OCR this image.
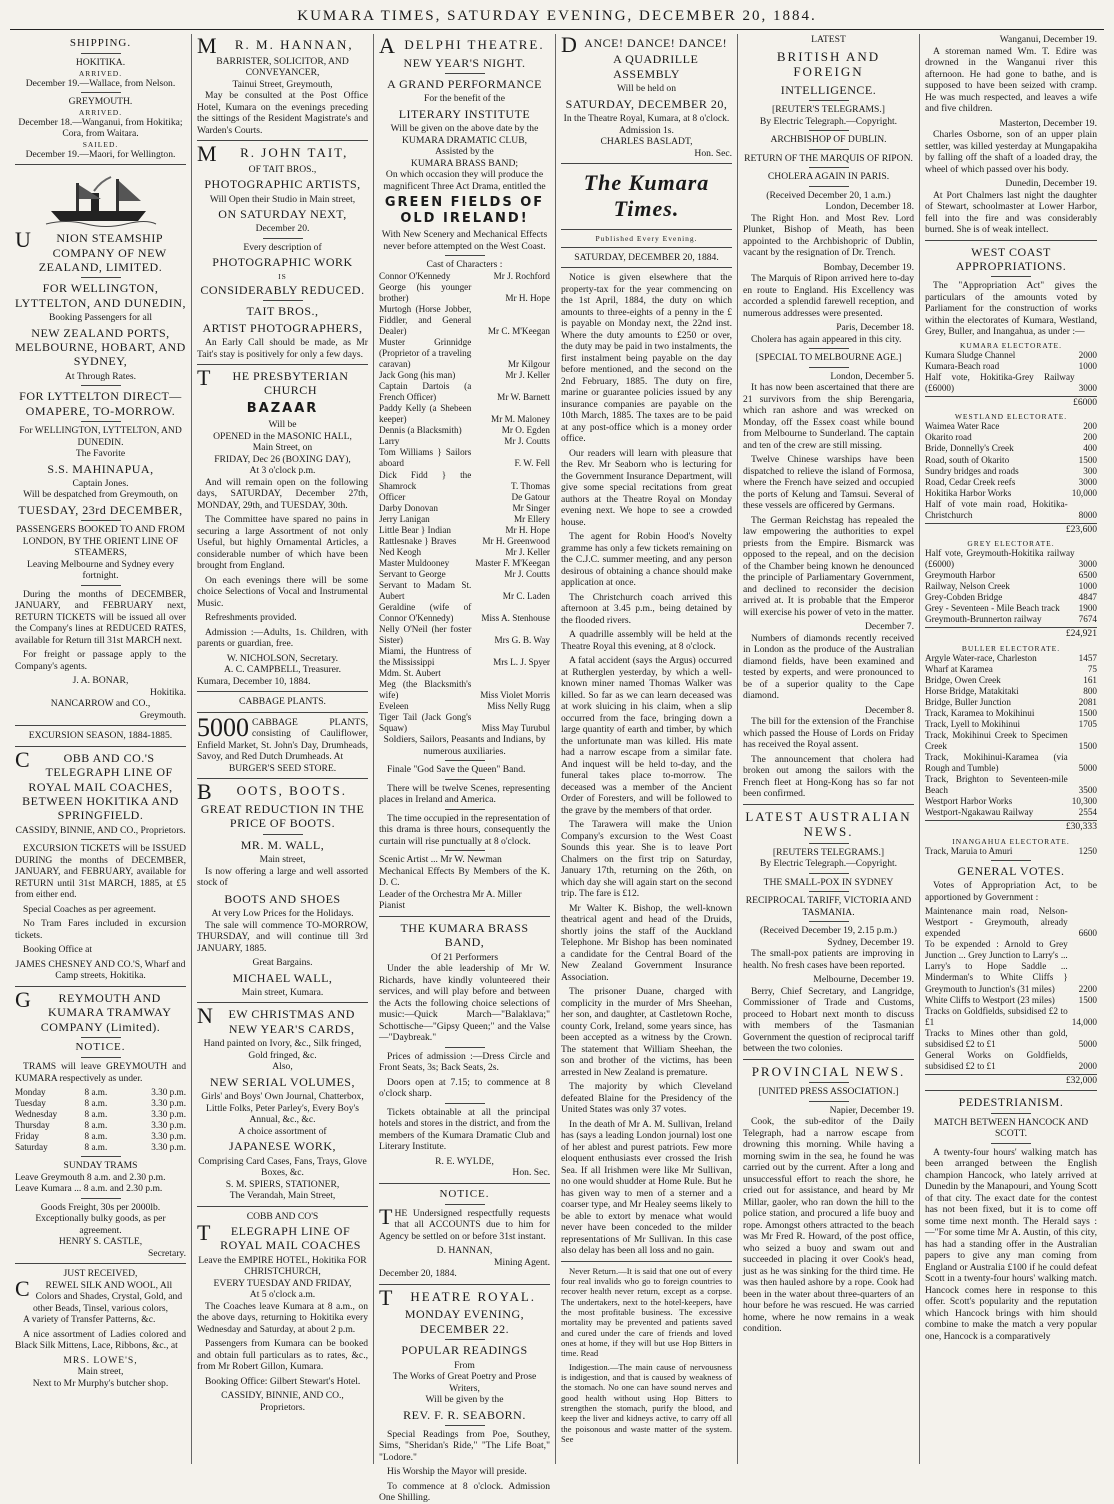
KUMARA TIMES, SATURDAY EVENING, DECEMBER 20, 1884.
SHIPPING.
HOKITIKA.
ARRIVED.
December 19.—Wallace, from Nelson.
GREYMOUTH.
ARRIVED.
December 18.—Wanganui, from Hokitika; Cora, from Waitara.
SAILED.
December 19.—Maori, for Wellington.
UNION STEAMSHIP COMPANY OF NEW ZEALAND, LIMITED.
FOR WELLINGTON, LYTTELTON, AND DUNEDIN,
Booking Passengers for all
NEW ZEALAND PORTS, MELBOURNE, HOBART, AND SYDNEY,
At Through Rates.
FOR LYTTELTON DIRECT— OMAPERE, TO-MORROW.
For WELLINGTON, LYTTELTON, AND DUNEDIN.
The Favorite
S.S. MAHINAPUA,
Captain Jones.
Will be despatched from Greymouth, on
TUESDAY, 23rd DECEMBER,
PASSENGERS BOOKED TO AND FROM
LONDON, BY THE ORIENT LINE OF STEAMERS,
Leaving Melbourne and Sydney every fortnight.

During the months of DECEMBER, JANUARY, and FEBRUARY next, RETURN TICKETS will be issued all over the Company's lines at REDUCED RATES, available for Return till 31st MARCH next.

For freight or passage apply to the Company's agents.

J. A. BONAR,
Hokitika.
NANCARROW and CO.,
Greymouth.
EXCURSION SEASON, 1884-1885.
COBB AND CO.'S TELEGRAPH LINE OF ROYAL MAIL COACHES, BETWEEN HOKITIKA AND SPRINGFIELD.
CASSIDY, BINNIE, AND CO., Proprietors.

EXCURSION TICKETS will be ISSUED DURING the months of DECEMBER, JANUARY, and FEBRUARY, available for RETURN until 31st MARCH, 1885, at £5 from either end.

Special Coaches as per agreement.

No Tram Fares included in excursion tickets.

Booking Office at

JAMES CHESNEY AND CO.'S, Wharf and Camp streets, Hokitika.
GREYMOUTH AND KUMARA TRAMWAY COMPANY (Limited).
NOTICE.

TRAMS will leave GREYMOUTH and KUMARA respectively as under.

Monday	8 a.m.	3.30 p.m.
Tuesday	8 a.m.	3.30 p.m.
Wednesday	8 a.m.	3.30 p.m.
Thursday	8 a.m.	3.30 p.m.
Friday	8 a.m.	3.30 p.m.
Saturday	8 a.m.	3.30 p.m.
SUNDAY TRAMS
Leave Greymouth 8 a.m. and 2.30 p.m.
Leave Kumara ... 8 a.m. and 2.30 p.m.
Goods Freight, 30s per 2000lb.
Exceptionally bulky goods, as per agreement.
HENRY S. CASTLE,
Secretary.
JUST RECEIVED,
CREWEL SILK AND WOOL, All Colors and Shades, Crystal, Gold, and other Beads, Tinsel, various colors,

A variety of Transfer Patterns, &c.

A nice assortment of Ladies colored and Black Silk Mittens, Lace, Ribbons, &c., at

MRS. LOWE'S,
Main street,
Next to Mr Murphy's butcher shop.
MR. M. HANNAN,
BARRISTER, SOLICITOR, AND CONVEYANCER,
Tainui Street, Greymouth,

May be consulted at the Post Office Hotel, Kumara on the evenings preceding the sittings of the Resident Magistrate's and Warden's Courts.

MR. JOHN TAIT,
OF TAIT BROS.,
PHOTOGRAPHIC ARTISTS,
Will Open their Studio in Main street,
ON SATURDAY NEXT,
December 20.
Every description of
PHOTOGRAPHIC WORK
IS
CONSIDERABLY REDUCED.
TAIT BROS.,
ARTIST PHOTOGRAPHERS,

An Early Call should be made, as Mr Tait's stay is positively for only a few days.

THE PRESBYTERIAN CHURCH
BAZAAR
Will be
OPENED in the MASONIC HALL,
Main Street, on
FRIDAY, Dec 26 (BOXING DAY),
At 3 o'clock p.m.

And will remain open on the following days, SATURDAY, December 27th, MONDAY, 29th, and TUESDAY, 30th.

The Committee have spared no pains in securing a large Assortment of not only Useful, but highly Ornamental Articles, a considerable number of which have been brought from England.

On each evenings there will be some choice Selections of Vocal and Instrumental Music.

Refreshments provided.

Admission :—Adults, 1s. Children, with parents or guardian, free.

W. NICHOLSON, Secretary.
A. C. CAMPBELL, Treasurer.
Kumara, December 10, 1884.
CABBAGE PLANTS.
5000 CABBAGE PLANTS, consisting of Cauliflower, Enfield Market, St. John's Day, Drumheads, Savoy, and Red Dutch Drumheads. At
BURGER'S SEED STORE.
BOOTS, BOOTS.
GREAT REDUCTION IN THE PRICE OF BOOTS.
MR. M. WALL,
Main street,

Is now offering a large and well assorted stock of

BOOTS AND SHOES
At very Low Prices for the Holidays.

The sale will commence TO-MORROW, THURSDAY, and will continue till 3rd JANUARY, 1885.

Great Bargains.
MICHAEL WALL,
Main street, Kumara.
NEW CHRISTMAS AND NEW YEAR'S CARDS,
Hand painted on Ivory, &c., Silk fringed, Gold fringed, &c.
Also,
NEW SERIAL VOLUMES,
Girls' and Boys' Own Journal, Chatterbox, Little Folks, Peter Parley's, Every Boy's Annual, &c., &c.
A choice assortment of
JAPANESE WORK,
Comprising Card Cases, Fans, Trays, Glove Boxes, &c.
S. M. SPIERS, STATIONER,
The Verandah, Main Street,
COBB AND CO'S
TELEGRAPH LINE OF ROYAL MAIL COACHES
Leave the EMPIRE HOTEL, Hokitika FOR CHRISTCHURCH,
EVERY TUESDAY AND FRIDAY,
At 5 o'clock a.m.

The Coaches leave Kumara at 8 a.m., on the above days, returning to Hokitika every Wednesday and Saturday, at about 2 p.m.

Passengers from Kumara can be booked and obtain full particulars as to rates, &c., from Mr Robert Gillon, Kumara.

Booking Office: Gilbert Stewart's Hotel.

CASSIDY, BINNIE, AND CO.,
Proprietors.
ADELPHI THEATRE.
NEW YEAR'S NIGHT.
A GRAND PERFORMANCE
For the benefit of the
LITERARY INSTITUTE
Will be given on the above date by the
KUMARA DRAMATIC CLUB,
Assisted by the
KUMARA BRASS BAND;
On which occasion they will produce the magnificent Three Act Drama, entitled the
GREEN FIELDS OF OLD IRELAND!
With New Scenery and Mechanical Effects never before attempted on the West Coast.
Cast of Characters :
Connor O'Kennedy	Mr J. Rochford
George (his younger brother)	Mr H. Hope
Murtogh (Horse Jobber, Fiddler, and General Dealer)	Mr C. M'Keegan
Muster Grinnidge (Proprietor of a traveling caravan)	Mr Kilgour
Jack Gong (his man)	Mr J. Keller
Captain Dartois (a French Officer)	Mr W. Barnett
Paddy Kelly (a Shebeen keeper)	Mr M. Maloney
Dennis (a Blacksmith)	Mr O. Egden
Larry	Mr J. Coutts
Tom Williams } Sailors aboard	F. W. Fell
Dick Fidd } the Shamrock	T. Thomas
Officer	De Gatour
Darby Donovan	Mr Singer
Jerry Lanigan	Mr Ellery
Little Bear } Indian	Mr H. Hope
Rattlesnake } Braves	Mr H. Greenwood
Ned Keogh	Mr J. Keller
Master Muldooney	Master F. M'Keegan
Servant to George	Mr J. Coutts
Servant to Madam St. Aubert	Mr C. Laden
Geraldine (wife of Connor O'Kennedy)	Miss A. Stenhouse
Nelly O'Neil (her foster Sister)	Mrs G. B. Way
Miami, the Huntress of the Mississippi	Mrs L. J. Spyer
Mdm. St. Aubert	
Meg (the Blacksmith's wife)	Miss Violet Morris
Eveleen	Miss Nelly Rugg
Tiger Tail (Jack Gong's Squaw)	Miss May Turubul
Soldiers, Sailors, Peasants and Indians, by numerous auxiliaries.

Finale "God Save the Queen" Band.

There will be twelve Scenes, representing places in Ireland and America.

The time occupied in the representation of this drama is three hours, consequently the curtain will rise punctually at 8 o'clock.

Scenic Artist ... Mr W. Newman
Mechanical Effects By Members of the K. D. C.
Leader of the Orchestra Mr A. Miller
Pianist
THE KUMARA BRASS BAND,
Of 21 Performers

Under the able leadership of Mr W. Richards, have kindly volunteered their services, and will play before and between the Acts the following choice selections of music:—Quick March—"Balaklava;" Schottische—"Gipsy Queen;" and the Valse—"Daybreak."

Prices of admission :—Dress Circle and Front Seats, 3s; Back Seats, 2s.

Doors open at 7.15; to commence at 8 o'clock sharp.

Tickets obtainable at all the principal hotels and stores in the district, and from the members of the Kumara Dramatic Club and Literary Institute.

R. E. WYLDE,
Hon. Sec.
NOTICE.

THE Undersigned respectfully requests that all ACCOUNTS due to him for Agency be settled on or before 31st instant.

D. HANNAN,
Mining Agent.
December 20, 1884.
THEATRE ROYAL.
MONDAY EVENING, DECEMBER 22.
POPULAR READINGS
From
The Works of Great Poetry and Prose Writers,
Will be given by the
REV. F. R. SEABORN.

Special Readings from Poe, Southey, Sims, "Sheridan's Ride," "The Life Boat," "Lodore."

His Worship the Mayor will preside.

To commence at 8 o'clock. Admission One Shilling.

DANCE! DANCE! DANCE!
A QUADRILLE ASSEMBLY
Will be held on
SATURDAY, DECEMBER 20,
In the Theatre Royal, Kumara, at 8 o'clock. Admission 1s.
CHARLES BASLADT,
Hon. Sec.
The Kumara Times.
Published Every Evening.
SATURDAY, DECEMBER 20, 1884.

Notice is given elsewhere that the property-tax for the year commencing on the 1st April, 1884, the duty on which amounts to three-eights of a penny in the £ is payable on Monday next, the 22nd inst. Where the duty amounts to £250 or over, the duty may be paid in two instalments, the first instalment being payable on the day before mentioned, and the second on the 2nd February, 1885. The duty on fire, marine or guarantee policies issued by any insurance companies are payable on the 10th March, 1885. The taxes are to be paid at any post-office which is a money order office.

Our readers will learn with pleasure that the Rev. Mr Seaborn who is lecturing for the Government Insurance Department, will give some special recitations from great authors at the Theatre Royal on Monday evening next. We hope to see a crowded house.

The agent for Robin Hood's Novelty gramme has only a few tickets remaining on the C.J.C. summer meeting, and any person desirous of obtaining a chance should make application at once.

The Christchurch coach arrived this afternoon at 3.45 p.m., being detained by the flooded rivers.

A quadrille assembly will be held at the Theatre Royal this evening, at 8 o'clock.

A fatal accident (says the Argus) occurred at Rutherglen yesterday, by which a well-known miner named Thomas Walker was killed. So far as we can learn deceased was at work sluicing in his claim, when a slip occurred from the face, bringing down a large quantity of earth and timber, by which the unfortunate man was killed. His mate had a narrow escape from a similar fate. And inquest will be held to-day, and the funeral takes place to-morrow. The deceased was a member of the Ancient Order of Foresters, and will be followed to the grave by the members of that order.

The Tarawera will make the Union Company's excursion to the West Coast Sounds this year. She is to leave Port Chalmers on the first trip on Saturday, January 17th, returning on the 26th, on which day she will again start on the second trip. The fare is £12.

Mr Walter K. Bishop, the well-known theatrical agent and head of the Druids, shortly joins the staff of the Auckland Telephone. Mr Bishop has been nominated a candidate for the Central Board of the New Zealand Government Insurance Association.

The prisoner Duane, charged with complicity in the murder of Mrs Sheehan, her son, and daughter, at Castletown Roche, county Cork, Ireland, some years since, has been accepted as a witness by the Crown. The statement that William Sheehan, the son and brother of the victims, has been arrested in New Zealand is premature.

The majority by which Cleveland defeated Blaine for the Presidency of the United States was only 37 votes.

In the death of Mr A. M. Sullivan, Ireland has (says a leading London journal) lost one of her ablest and purest patriots. Few more eloquent enthusiasts ever crossed the Irish Sea. If all Irishmen were like Mr Sullivan, no one would shudder at Home Rule. But he has given way to men of a sterner and a coarser type, and Mr Healey seems likely to be able to extort by menace what would never have been conceded to the milder representations of Mr Sullivan. In this case also delay has been all loss and no gain.

Never Return.—It is said that one out of every four real invalids who go to foreign countries to recover health never return, except as a corpse. The undertakers, next to the hotel-keepers, have the most profitable business. The excessive mortality may be prevented and patients saved and cured under the care of friends and loved ones at home, if they will but use Hop Bitters in time. Read

Indigestion.—The main cause of nervousness is indigestion, and that is caused by weakness of the stomach. No one can have sound nerves and good health without using Hop Bitters to strengthen the stomach, purify the blood, and keep the liver and kidneys active, to carry off all the poisonous and waste matter of the system. See

LATEST
BRITISH AND FOREIGN
INTELLIGENCE.
[REUTER'S TELEGRAMS.]
By Electric Telegraph.—Copyright.
ARCHBISHOP OF DUBLIN.
RETURN OF THE MARQUIS OF RIPON.
CHOLERA AGAIN IN PARIS.
(Received December 20, 1 a.m.)
London, December 18.

The Right Hon. and Most Rev. Lord Plunket, Bishop of Meath, has been appointed to the Archbishopric of Dublin, vacant by the resignation of Dr. Trench.

Bombay, December 19.

The Marquis of Ripon arrived here to-day en route to England. His Excellency was accorded a splendid farewell reception, and numerous addresses were presented.

Paris, December 18.

Cholera has again appeared in this city.

[SPECIAL TO MELBOURNE AGE.]
London, December 5.

It has now been ascertained that there are 21 survivors from the ship Berengaria, which ran ashore and was wrecked on Monday, off the Essex coast while bound from Melbourne to Sunderland. The captain and ten of the crew are still missing.

Twelve Chinese warships have been dispatched to relieve the island of Formosa, where the French have seized and occupied the ports of Kelung and Tamsui. Several of these vessels are officered by Germans.

The German Reichstag has repealed the law empowering the authorities to expel priests from the Empire. Bismarck was opposed to the repeal, and on the decision of the Chamber being known he denounced the principle of Parliamentary Government, and declined to reconsider the decision arrived at. It is probable that the Emperor will exercise his power of veto in the matter.

December 7.

Numbers of diamonds recently received in London as the produce of the Australian diamond fields, have been examined and tested by experts, and were pronounced to be of a superior quality to the Cape diamond.

December 8.

The bill for the extension of the Franchise which passed the House of Lords on Friday has received the Royal assent.

The announcement that cholera had broken out among the sailors with the French fleet at Hong-Kong has so far not been confirmed.

LATEST AUSTRALIAN NEWS.
[REUTERS TELEGRAMS.]
By Electric Telegraph.—Copyright.
THE SMALL-POX IN SYDNEY
RECIPROCAL TARIFF, VICTORIA AND TASMANIA.
(Received December 19, 2.15 p.m.)
Sydney, December 19.

The small-pox patients are improving in health. No fresh cases have been reported.

Melbourne, December 19.

Berry, Chief Secretary, and Langridge, Commissioner of Trade and Customs, proceed to Hobart next month to discuss with members of the Tasmanian Government the question of reciprocal tariff between the two colonies.

PROVINCIAL NEWS.
[UNITED PRESS ASSOCIATION.]
Napier, December 19.

Cook, the sub-editor of the Daily Telegraph, had a narrow escape from drowning this morning. While having a morning swim in the sea, he found he was carried out by the current. After a long and unsuccessful effort to reach the shore, he cried out for assistance, and heard by Mr Millar, gaoler, who ran down the hill to the police station, and procured a life buoy and rope. Amongst others attracted to the beach was Mr Fred R. Howard, of the post office, who seized a buoy and swam out and succeeded in placing it over Cook's head, just as he was sinking for the third time. He was then hauled ashore by a rope. Cook had been in the water about three-quarters of an hour before he was rescued. He was carried home, where he now remains in a weak condition.

Wanganui, December 19.

A storeman named Wm. T. Edire was drowned in the Wanganui river this afternoon. He had gone to bathe, and is supposed to have been seized with cramp. He was much respected, and leaves a wife and five children.

Masterton, December 19.

Charles Osborne, son of an upper plain settler, was killed yesterday at Mungapakiha by falling off the shaft of a loaded dray, the wheel of which passed over his body.

Dunedin, December 19.

At Port Chalmers last night the daughter of Stewart, schoolmaster at Lower Harbor, fell into the fire and was considerably burned. She is of weak intellect.

WEST COAST APPROPRIATIONS.

The "Appropriation Act" gives the particulars of the amounts voted by Parliament for the construction of works within the electorates of Kumara, Westland, Grey, Buller, and Inangahua, as under :—

KUMARA ELECTORATE.
Kumara Sludge Channel	2000
Kumara-Beach road	1000
Half vote, Hokitika-Grey Railway (£6000)	3000
£6000
WESTLAND ELECTORATE.
Waimea Water Race	200
Okarito road	200
Bride, Donnelly's Creek	400
Road, south of Okarito	1500
Sundry bridges and roads	300
Road, Cedar Creek reefs	3000
Hokitika Harbor Works	10,000
Half of vote main road, Hokitika-Christchurch	8000
£23,600
GREY ELECTORATE.
Half vote, Greymouth-Hokitika railway (£6000)	3000
Greymouth Harbor	6500
Railway, Nelson Creek	1000
Grey-Cobden Bridge	4847
Grey - Seventeen - Mile Beach track	1900
Greymouth-Brunnerton railway	7674
£24,921
BULLER ELECTORATE.
Argyle Water-race, Charleston	1457
Wharf at Karamea	75
Bridge, Owen Creek	161
Horse Bridge, Matakitaki	800
Bridge, Buller Junction	2081
Track, Karamea to Mokihinui	1500
Track, Lyell to Mokihinui	1705
Track, Mokihinui Creek to Specimen Creek	1500
Track, Mokihinui-Karamea (via Rough and Tumble)	5000
Track, Brighton to Seventeen-mile Beach	3500
Westport Harbor Works	10,300
Westport-Ngakawau Railway	2554
£30,333
INANGAHUA ELECTORATE.
Track, Maruia to Amuri	1250
GENERAL VOTES.

Votes of Appropriation Act, to be apportioned by Government :

Maintenance main road, Nelson-Westport - Greymouth, already expended	6600
To be expended : Arnold to Grey Junction ... Grey Junction to Larry's ... Larry's to Hope Saddle ... Minderman's to White Cliffs } Greymouth to Junction's (31 miles)	2200
White Cliffs to Westport (23 miles)	1500
Tracks on Goldfields, subsidised £2 to £1	14,000
Tracks to Mines other than gold, subsidised £2 to £1	5000
General Works on Goldfields, subsidised £2 to £1	2000
£32,000
PEDESTRIANISM.
MATCH BETWEEN HANCOCK AND SCOTT.

A twenty-four hours' walking match has been arranged between the English champion Hancock, who lately arrived at Dunedin by the Manapouri, and Young Scott of that city. The exact date for the contest has not been fixed, but it is to come off some time next month. The Herald says :—"For some time Mr A. Austin, of this city, has had a standing offer in the Australian papers to give any man coming from England or Australia £100 if he could defeat Scott in a twenty-four hours' walking match. Hancock comes here in response to this offer. Scott's popularity and the reputation which Hancock brings with him should combine to make the match a very popular one, Hancock is a comparatively
